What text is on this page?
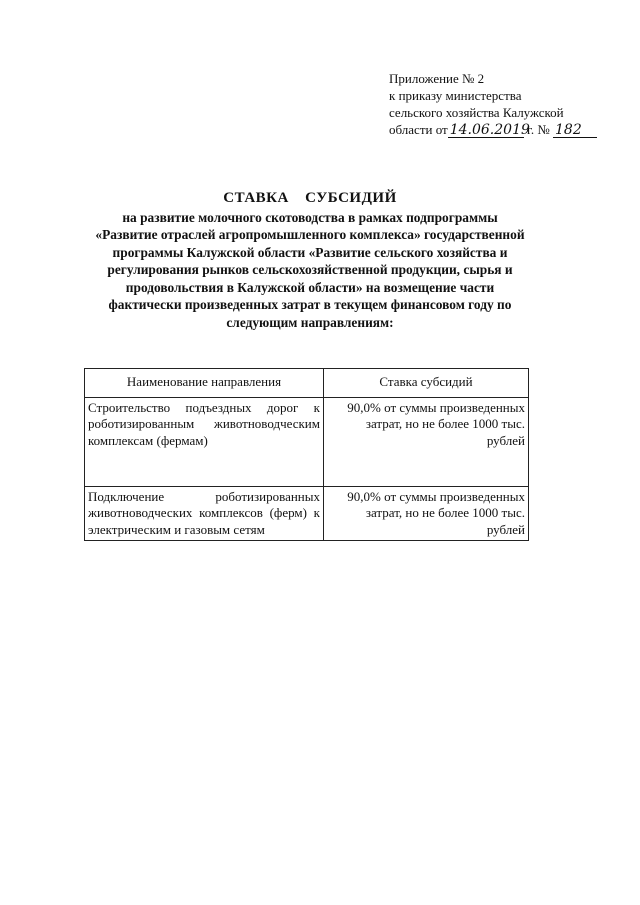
Приложение № 2
к приказу министерства
сельского хозяйства Калужской
области от 14.06.2019 г. № 182
СТАВКА СУБСИДИЙ
на развитие молочного скотоводства в рамках подпрограммы
«Развитие отраслей агропромышленного комплекса» государственной
программы Калужской области «Развитие сельского хозяйства и
регулирования рынков сельскохозяйственной продукции, сырья и
продовольствия в Калужской области» на возмещение части
фактически произведенных затрат в текущем финансовом году по
следующим направлениям:
Наименование направления	Ставка субсидий
Строительство подъездных дорог к роботизированным животноводческим комплексам (фермам)	90,0% от суммы произведенных затрат, но не более 1000 тыс. рублей
Подключение роботизированных животноводческих комплексов (ферм) к электрическим и газовым сетям	90,0% от суммы произведенных затрат, но не более 1000 тыс. рублей
